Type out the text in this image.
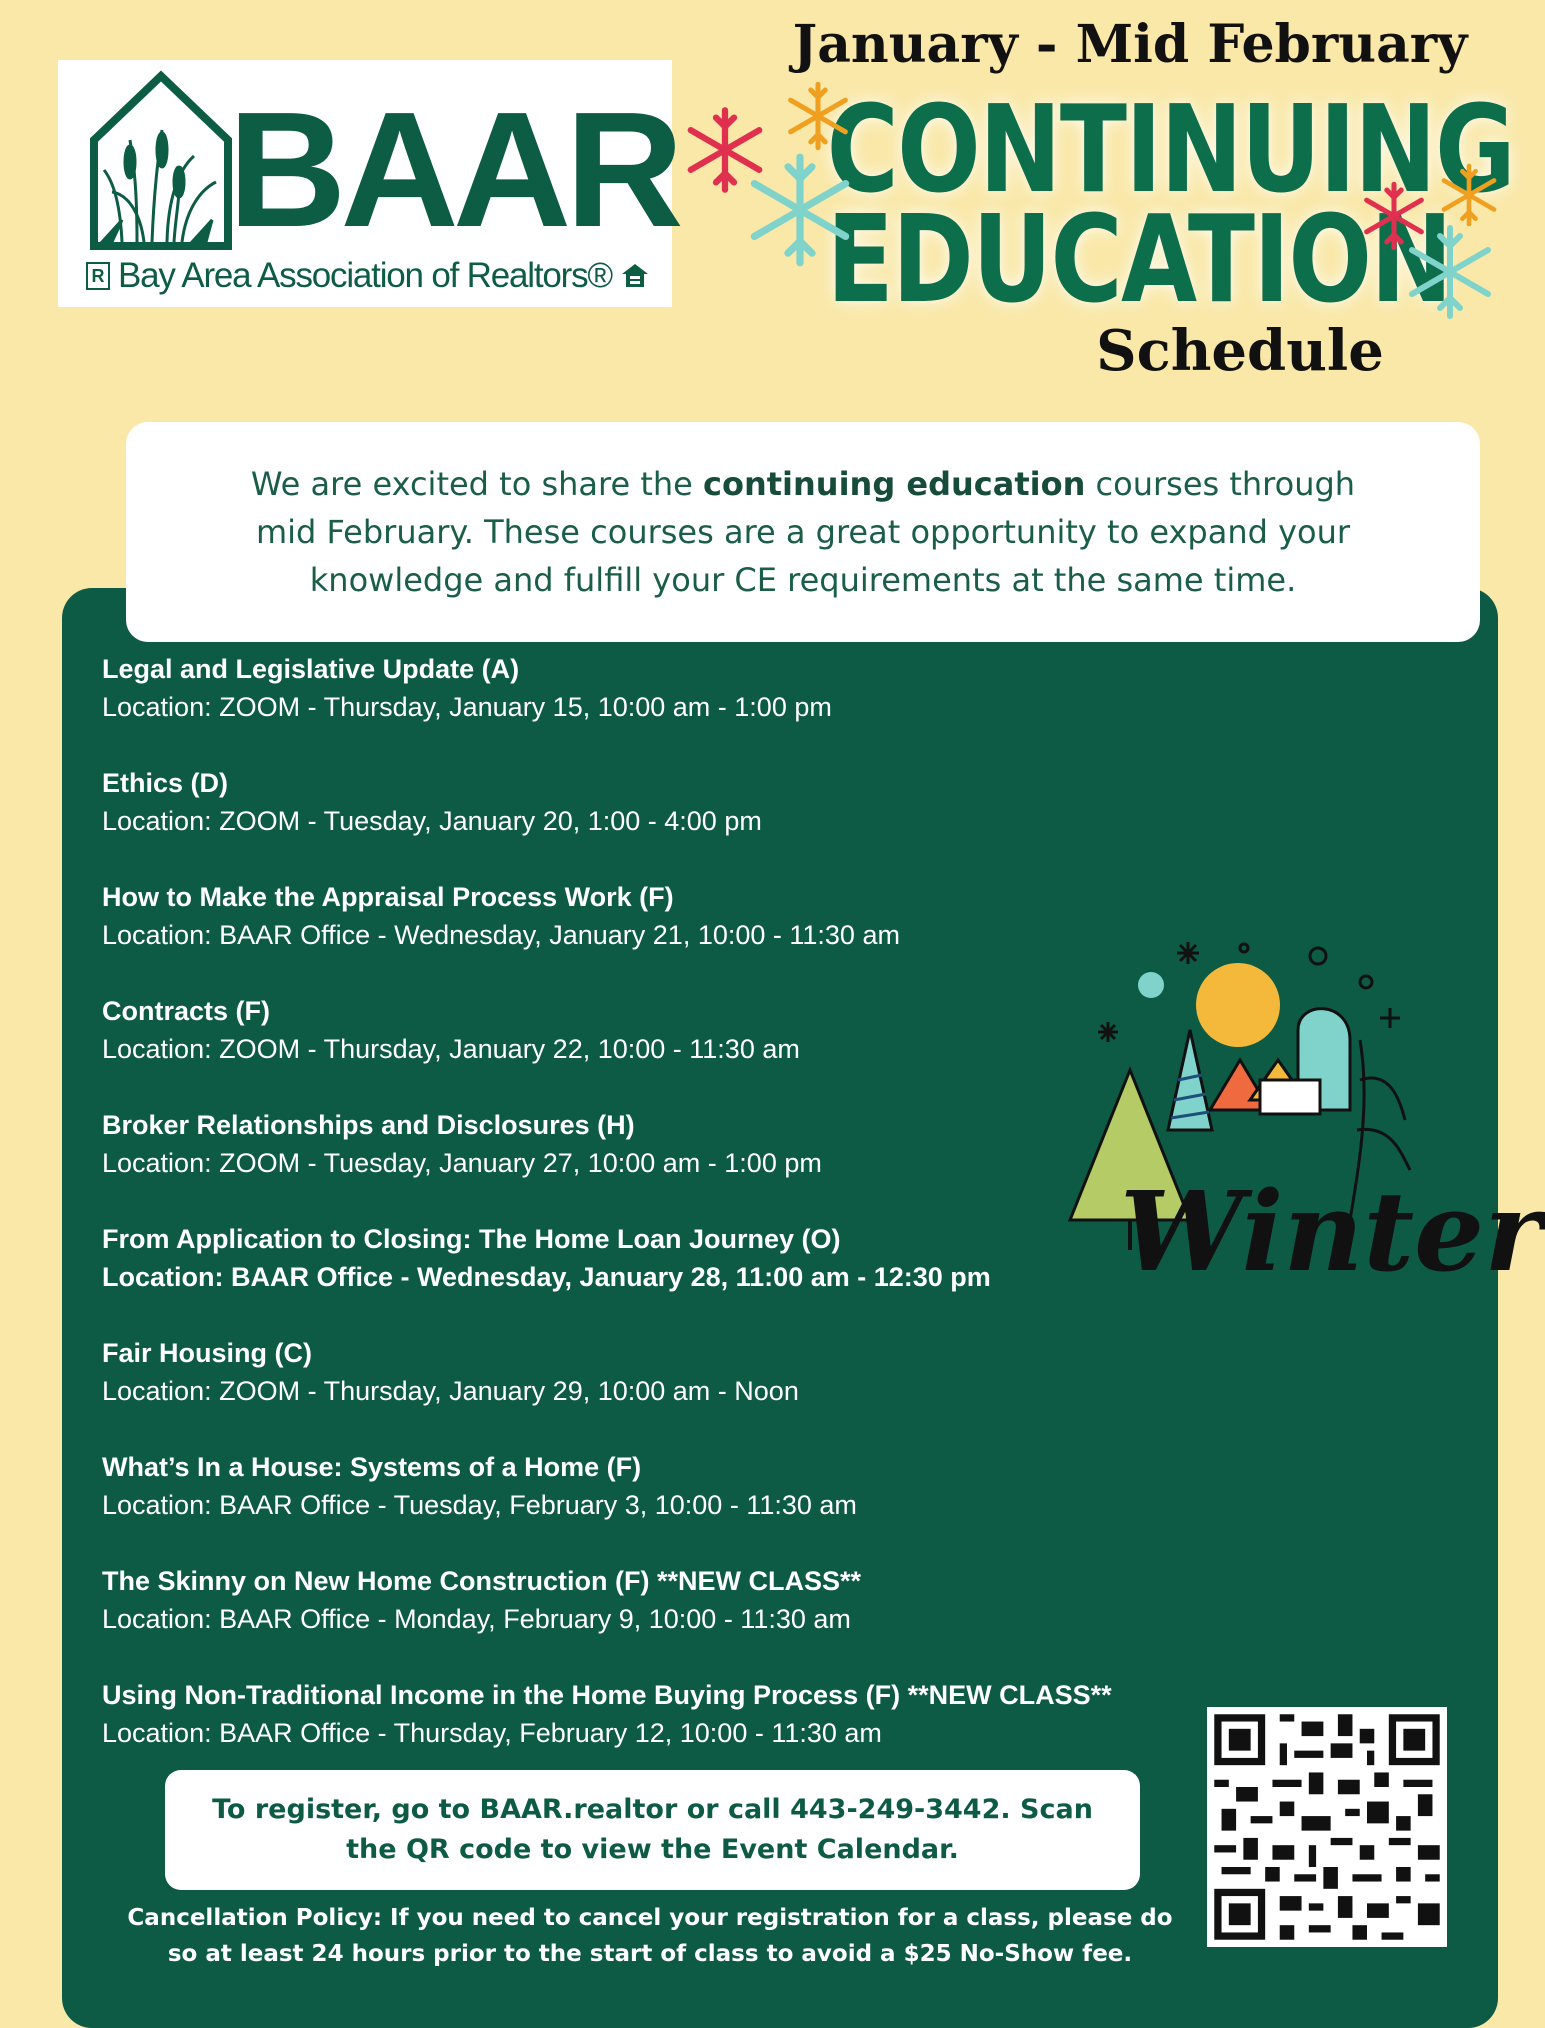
BAAR

R Bay Area Association of Realtors®

January - Mid February

CONTINUING

EDUCATION

Schedule

We are excited to share the continuing education courses through mid February. These courses are a great opportunity to expand your knowledge and fulfill your CE requirements at the same time.

Legal and Legislative Update (A)
Location: ZOOM - Thursday, January 15, 10:00 am - 1:00 pm
Ethics (D)
Location: ZOOM - Tuesday, January 20, 1:00 - 4:00 pm
How to Make the Appraisal Process Work (F)
Location: BAAR Office - Wednesday, January 21, 10:00 - 11:30 am
Contracts (F)
Location: ZOOM - Thursday, January 22, 10:00 - 11:30 am
Broker Relationships and Disclosures (H)
Location: ZOOM - Tuesday, January 27, 10:00 am - 1:00 pm
From Application to Closing: The Home Loan Journey (O)
Location: BAAR Office - Wednesday, January 28, 11:00 am - 12:30 pm
Fair Housing (C)
Location: ZOOM - Thursday, January 29, 10:00 am - Noon
What’s In a House: Systems of a Home (F)
Location: BAAR Office - Tuesday, February 3, 10:00 - 11:30 am
The Skinny on New Home Construction (F) **NEW CLASS**
Location: BAAR Office - Monday, February 9, 10:00 - 11:30 am
Using Non-Traditional Income in the Home Buying Process (F) **NEW CLASS**
Location: BAAR Office - Thursday, February 12, 10:00 - 11:30 am
Winter

To register, go to BAAR.realtor or call 443-249-3442. Scan the QR code to view the Event Calendar.

Cancellation Policy: If you need to cancel your registration for a class, please do so at least 24 hours prior to the start of class to avoid a $25 No-Show fee.
